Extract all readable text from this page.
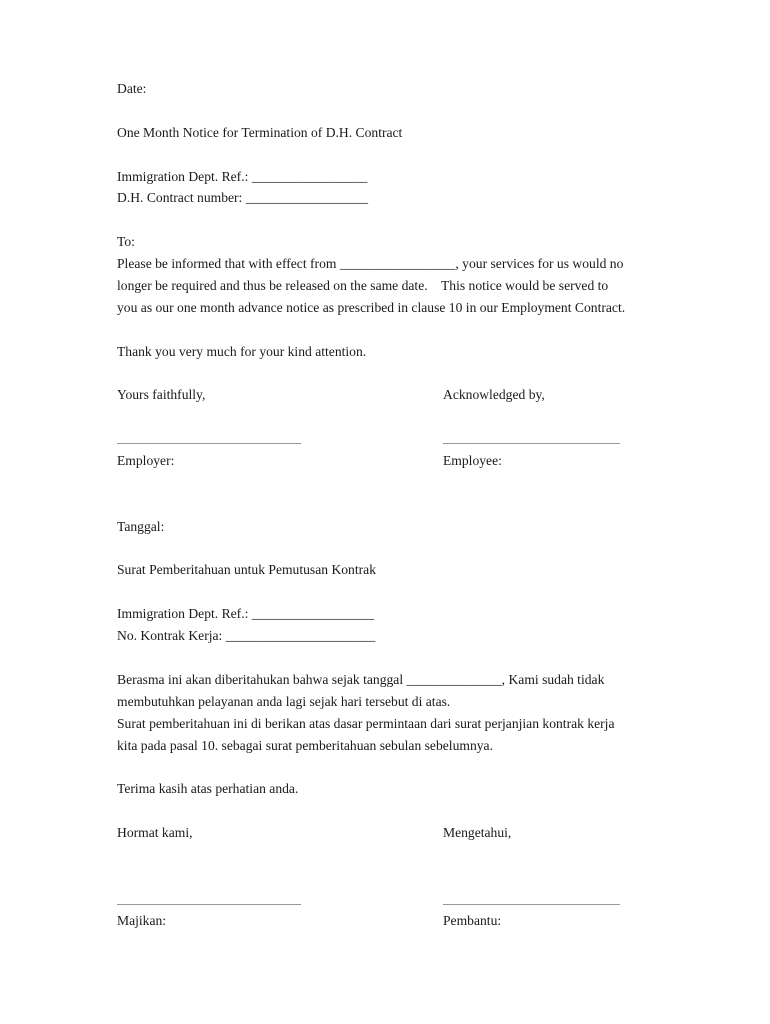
Date:
One Month Notice for Termination of D.H. Contract
Immigration Dept. Ref.: _________________
D.H. Contract number: __________________
To:
Please be informed that with effect from _________________, your services for us would no
longer be required and thus be released on the same date.    This notice would be served to
you as our one month advance notice as prescribed in clause 10 in our Employment Contract.
Thank you very much for your kind attention.
Yours faithfully,	Acknowledged by,
Employer:	Employee:
Tanggal:
Surat Pemberitahuan untuk Pemutusan Kontrak
Immigration Dept. Ref.: __________________
No. Kontrak Kerja: ______________________
Berasma ini akan diberitahukan bahwa sejak tanggal ______________, Kami sudah tidak
membutuhkan pelayanan anda lagi sejak hari tersebut di atas.
Surat pemberitahuan ini di berikan atas dasar permintaan dari surat perjanjian kontrak kerja
kita pada pasal 10. sebagai surat pemberitahuan sebulan sebelumnya.
Terima kasih atas perhatian anda.
Hormat kami,	Mengetahui,
Majikan:	Pembantu:
